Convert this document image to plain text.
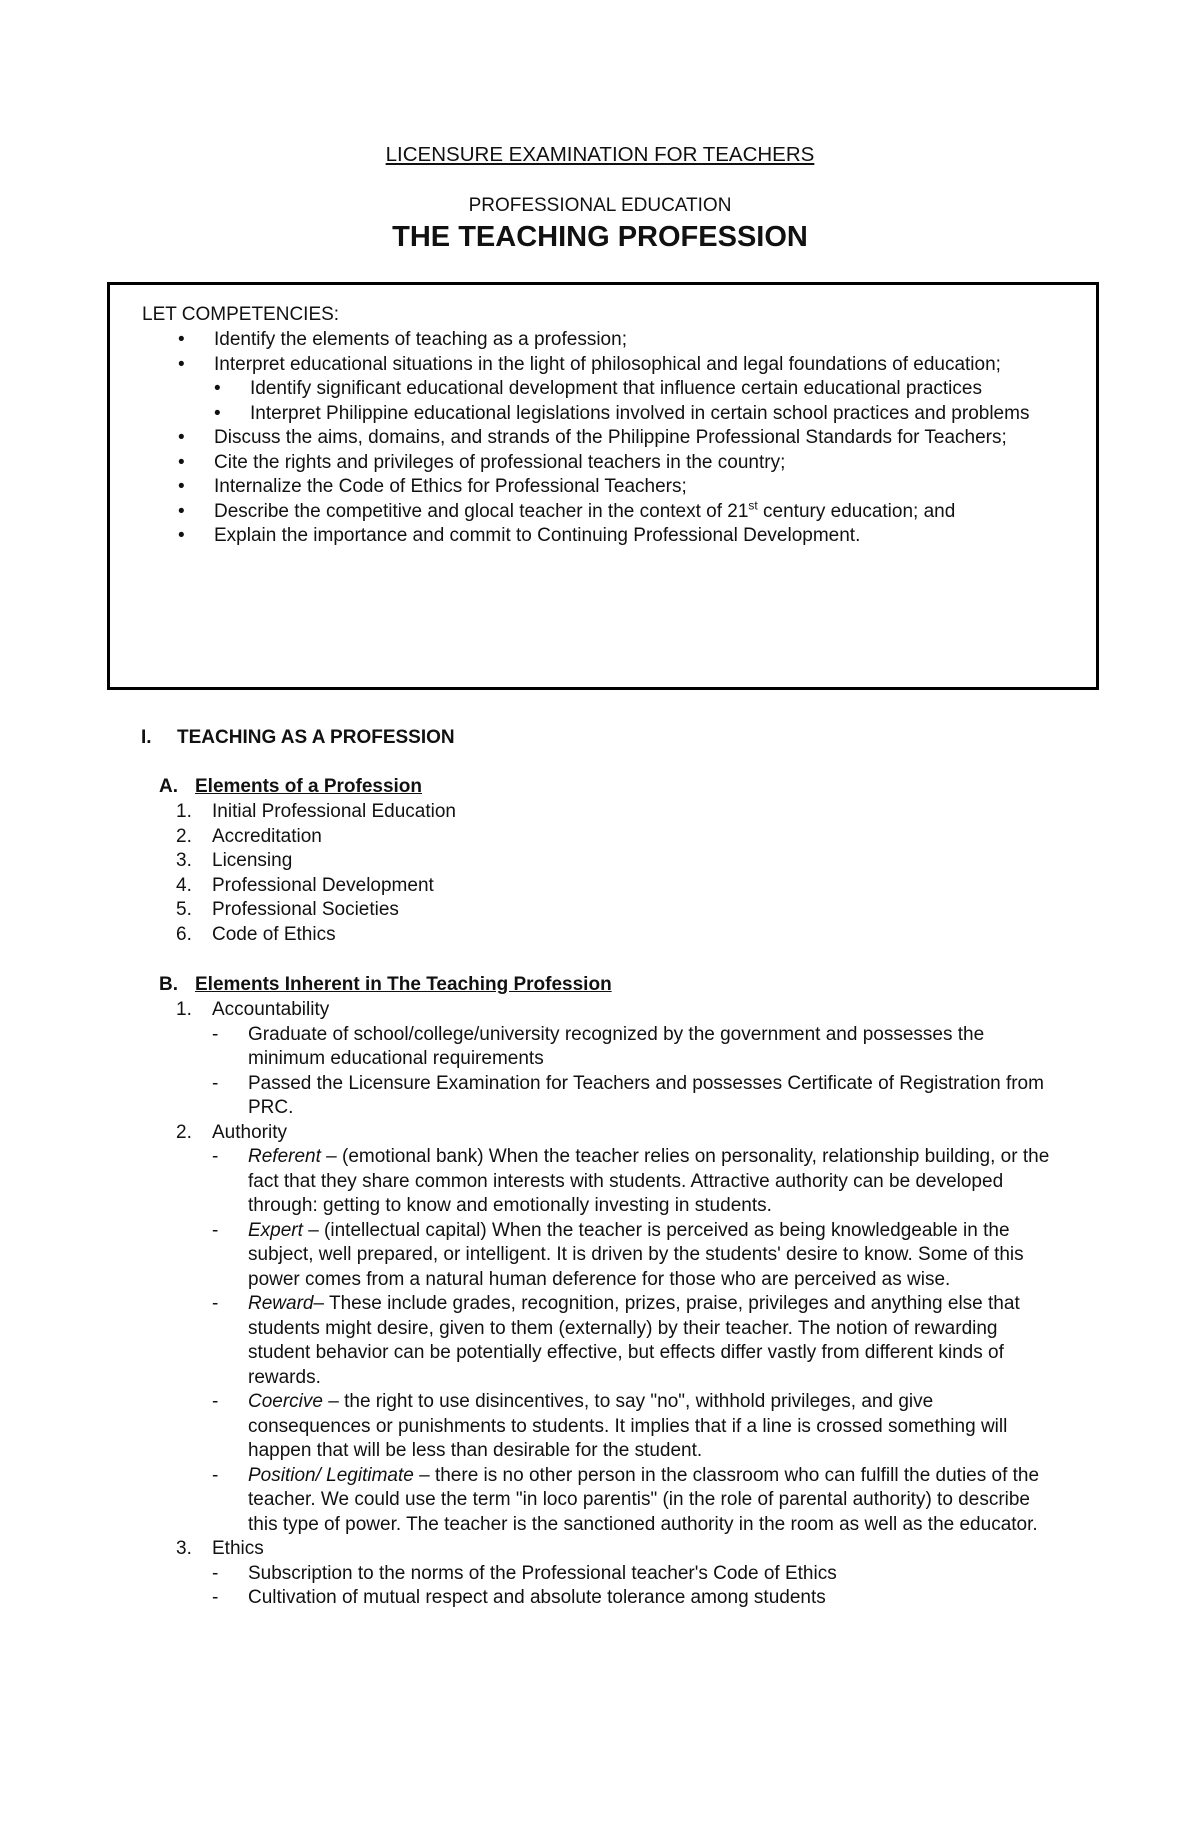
LICENSURE EXAMINATION FOR TEACHERS
PROFESSIONAL EDUCATION
THE TEACHING PROFESSION
LET COMPETENCIES:
• Identify the elements of teaching as a profession;
• Interpret educational situations in the light of philosophical and legal foundations of education;
• Identify significant educational development that influence certain educational practices
• Interpret Philippine educational legislations involved in certain school practices and problems
• Discuss the aims, domains, and strands of the Philippine Professional Standards for Teachers;
• Cite the rights and privileges of professional teachers in the country;
• Internalize the Code of Ethics for Professional Teachers;
• Describe the competitive and glocal teacher in the context of 21st century education; and
• Explain the importance and commit to Continuing Professional Development.
I. TEACHING AS A PROFESSION
A. Elements of a Profession
1. Initial Professional Education
2. Accreditation
3. Licensing
4. Professional Development
5. Professional Societies
6. Code of Ethics
B. Elements Inherent in The Teaching Profession
1. Accountability
- Graduate of school/college/university recognized by the government and possesses the minimum educational requirements
- Passed the Licensure Examination for Teachers and possesses Certificate of Registration from PRC.
2. Authority
- Referent – (emotional bank) When the teacher relies on personality, relationship building, or the fact that they share common interests with students. Attractive authority can be developed through: getting to know and emotionally investing in students.
- Expert – (intellectual capital) When the teacher is perceived as being knowledgeable in the subject, well prepared, or intelligent. It is driven by the students' desire to know. Some of this power comes from a natural human deference for those who are perceived as wise.
- Reward– These include grades, recognition, prizes, praise, privileges and anything else that students might desire, given to them (externally) by their teacher. The notion of rewarding student behavior can be potentially effective, but effects differ vastly from different kinds of rewards.
- Coercive – the right to use disincentives, to say "no", withhold privileges, and give consequences or punishments to students. It implies that if a line is crossed something will happen that will be less than desirable for the student.
- Position/ Legitimate – there is no other person in the classroom who can fulfill the duties of the teacher. We could use the term "in loco parentis" (in the role of parental authority) to describe this type of power. The teacher is the sanctioned authority in the room as well as the educator.
3. Ethics
- Subscription to the norms of the Professional teacher's Code of Ethics
- Cultivation of mutual respect and absolute tolerance among students
